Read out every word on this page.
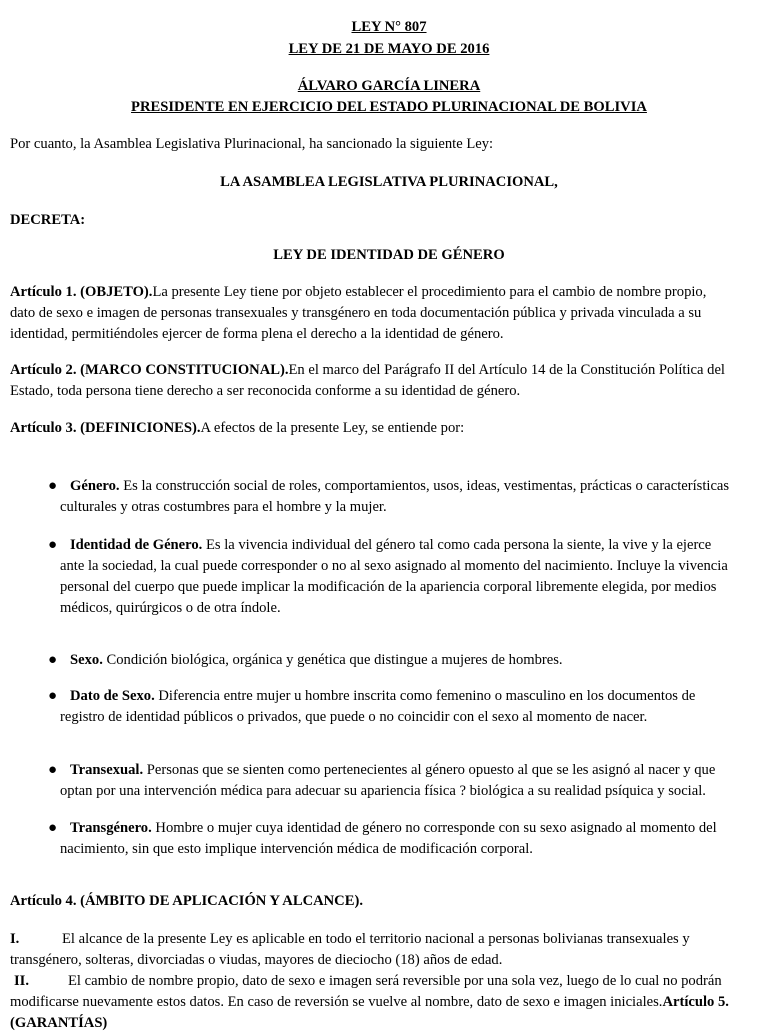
LEY N° 807
LEY DE 21 DE MAYO DE 2016
ÁLVARO GARCÍA LINERA
PRESIDENTE EN EJERCICIO DEL ESTADO PLURINACIONAL DE BOLIVIA
Por cuanto, la Asamblea Legislativa Plurinacional, ha sancionado la siguiente Ley:
LA ASAMBLEA LEGISLATIVA PLURINACIONAL,
DECRETA:
LEY DE IDENTIDAD DE GÉNERO
Artículo 1. (OBJETO).La presente Ley tiene por objeto establecer el procedimiento para el cambio de nombre propio,
dato de sexo e imagen de personas transexuales y transgénero en toda documentación pública y privada vinculada a su
identidad, permitiéndoles ejercer de forma plena el derecho a la identidad de género.
Artículo 2. (MARCO CONSTITUCIONAL).En el marco del Parágrafo II del Artículo 14 de la Constitución Política del
Estado, toda persona tiene derecho a ser reconocida conforme a su identidad de género.
Artículo 3. (DEFINICIONES).A efectos de la presente Ley, se entiende por:
● Género. Es la construcción social de roles, comportamientos, usos, ideas, vestimentas, prácticas o características
culturales y otras costumbres para el hombre y la mujer.
● Identidad de Género. Es la vivencia individual del género tal como cada persona la siente, la vive y la ejerce
ante la sociedad, la cual puede corresponder o no al sexo asignado al momento del nacimiento. Incluye la vivencia
personal del cuerpo que puede implicar la modificación de la apariencia corporal libremente elegida, por medios
médicos, quirúrgicos o de otra índole.
● Sexo. Condición biológica, orgánica y genética que distingue a mujeres de hombres.
● Dato de Sexo. Diferencia entre mujer u hombre inscrita como femenino o masculino en los documentos de
registro de identidad públicos o privados, que puede o no coincidir con el sexo al momento de nacer.
● Transexual. Personas que se sienten como pertenecientes al género opuesto al que se les asignó al nacer y que
optan por una intervención médica para adecuar su apariencia física ? biológica a su realidad psíquica y social.
● Transgénero. Hombre o mujer cuya identidad de género no corresponde con su sexo asignado al momento del
nacimiento, sin que esto implique intervención médica de modificación corporal.
Artículo 4. (ÁMBITO DE APLICACIÓN Y ALCANCE).
I.	El alcance de la presente Ley es aplicable en todo el territorio nacional a personas bolivianas transexuales y
transgénero, solteras, divorciadas o viudas, mayores de dieciocho (18) años de edad.
II.	El cambio de nombre propio, dato de sexo e imagen será reversible por una sola vez, luego de lo cual no podrán
modificarse nuevamente estos datos. En caso de reversión se vuelve al nombre, dato de sexo e imagen iniciales.Artículo 5.
(GARANTÍAS)
